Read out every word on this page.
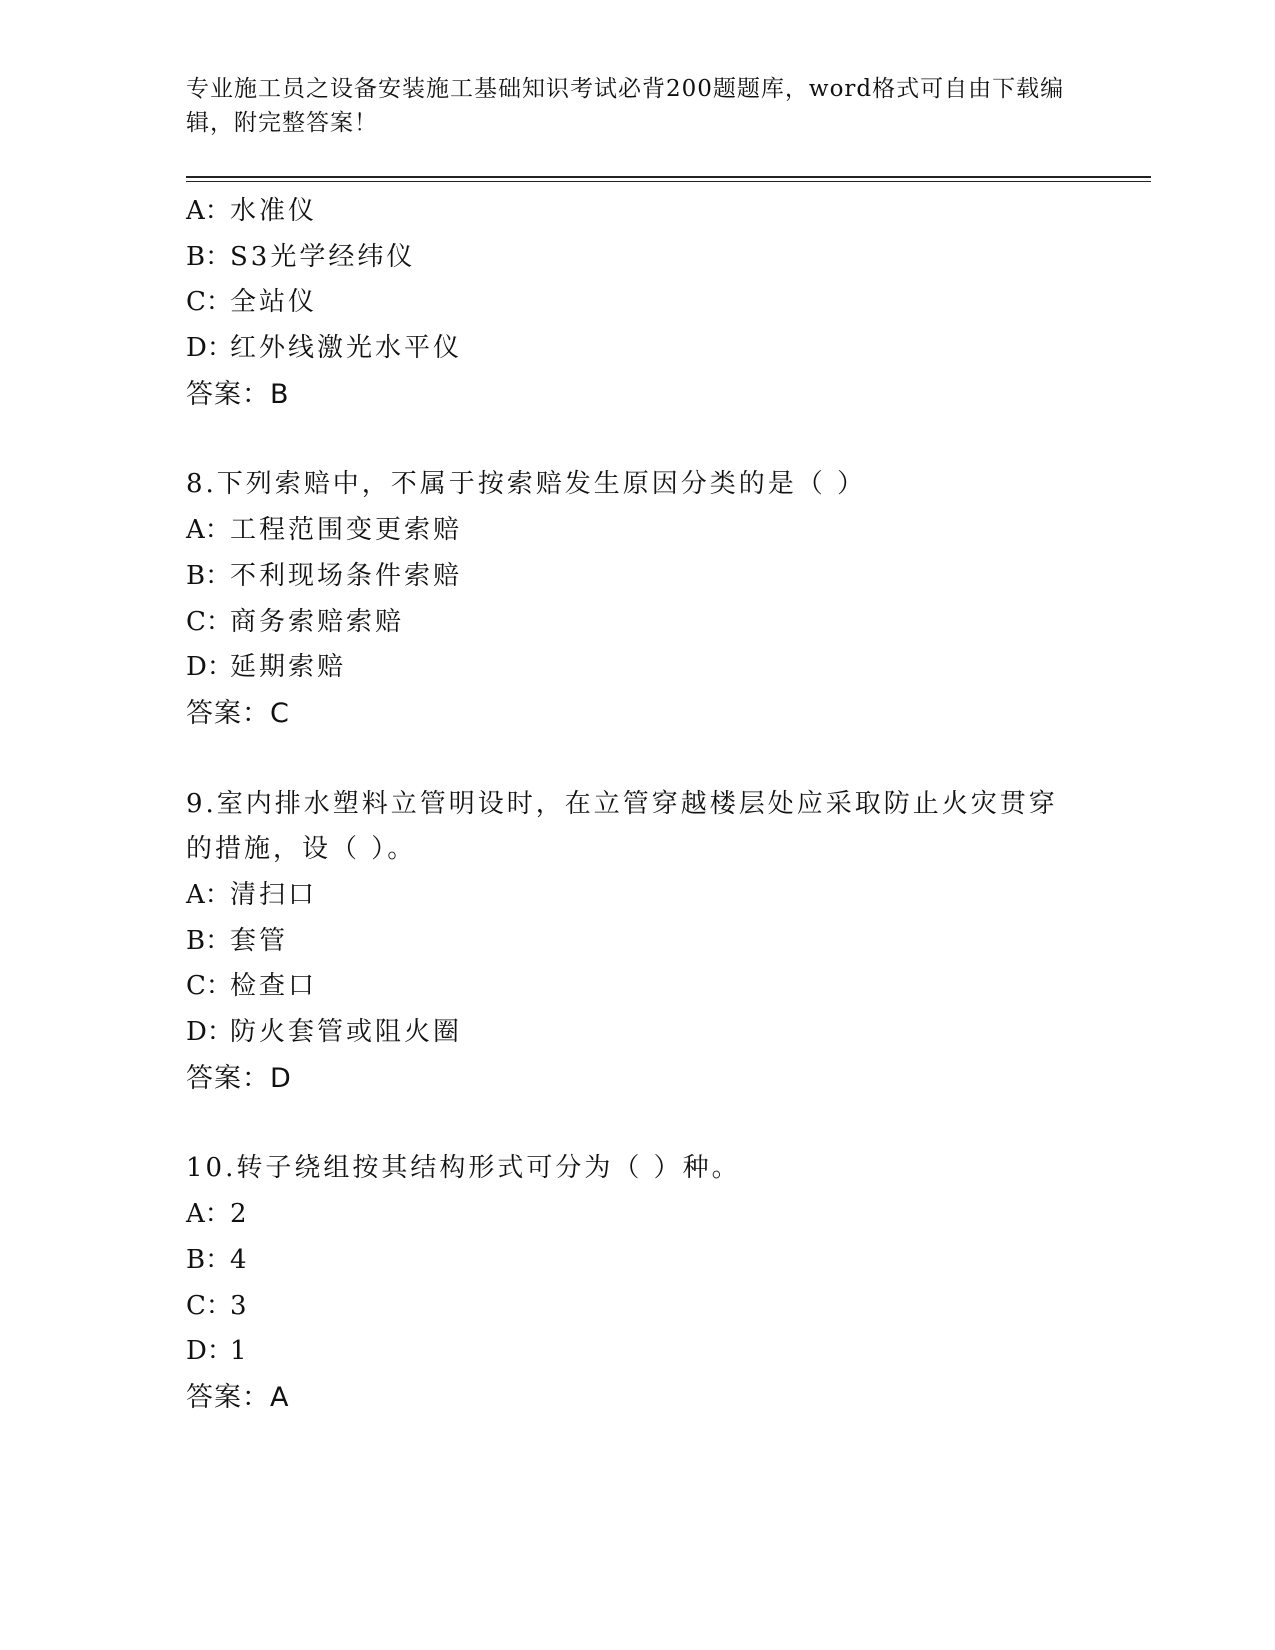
专业施工员之设备安装施工基础知识考试必背200题题库，word格式可自由下载编辑，附完整答案！
A：水准仪
B：S3光学经纬仪
C：全站仪
D：红外线激光水平仪
答案：B
8.下列索赔中，不属于按索赔发生原因分类的是（ ）
A：工程范围变更索赔
B：不利现场条件索赔
C：商务索赔索赔
D：延期索赔
答案：C
9.室内排水塑料立管明设时，在立管穿越楼层处应采取防止火灾贯穿的措施，设（ ）。
A：清扫口
B：套管
C：检查口
D：防火套管或阻火圈
答案：D
10.转子绕组按其结构形式可分为（ ）种。
A：2
B：4
C：3
D：1
答案：A
